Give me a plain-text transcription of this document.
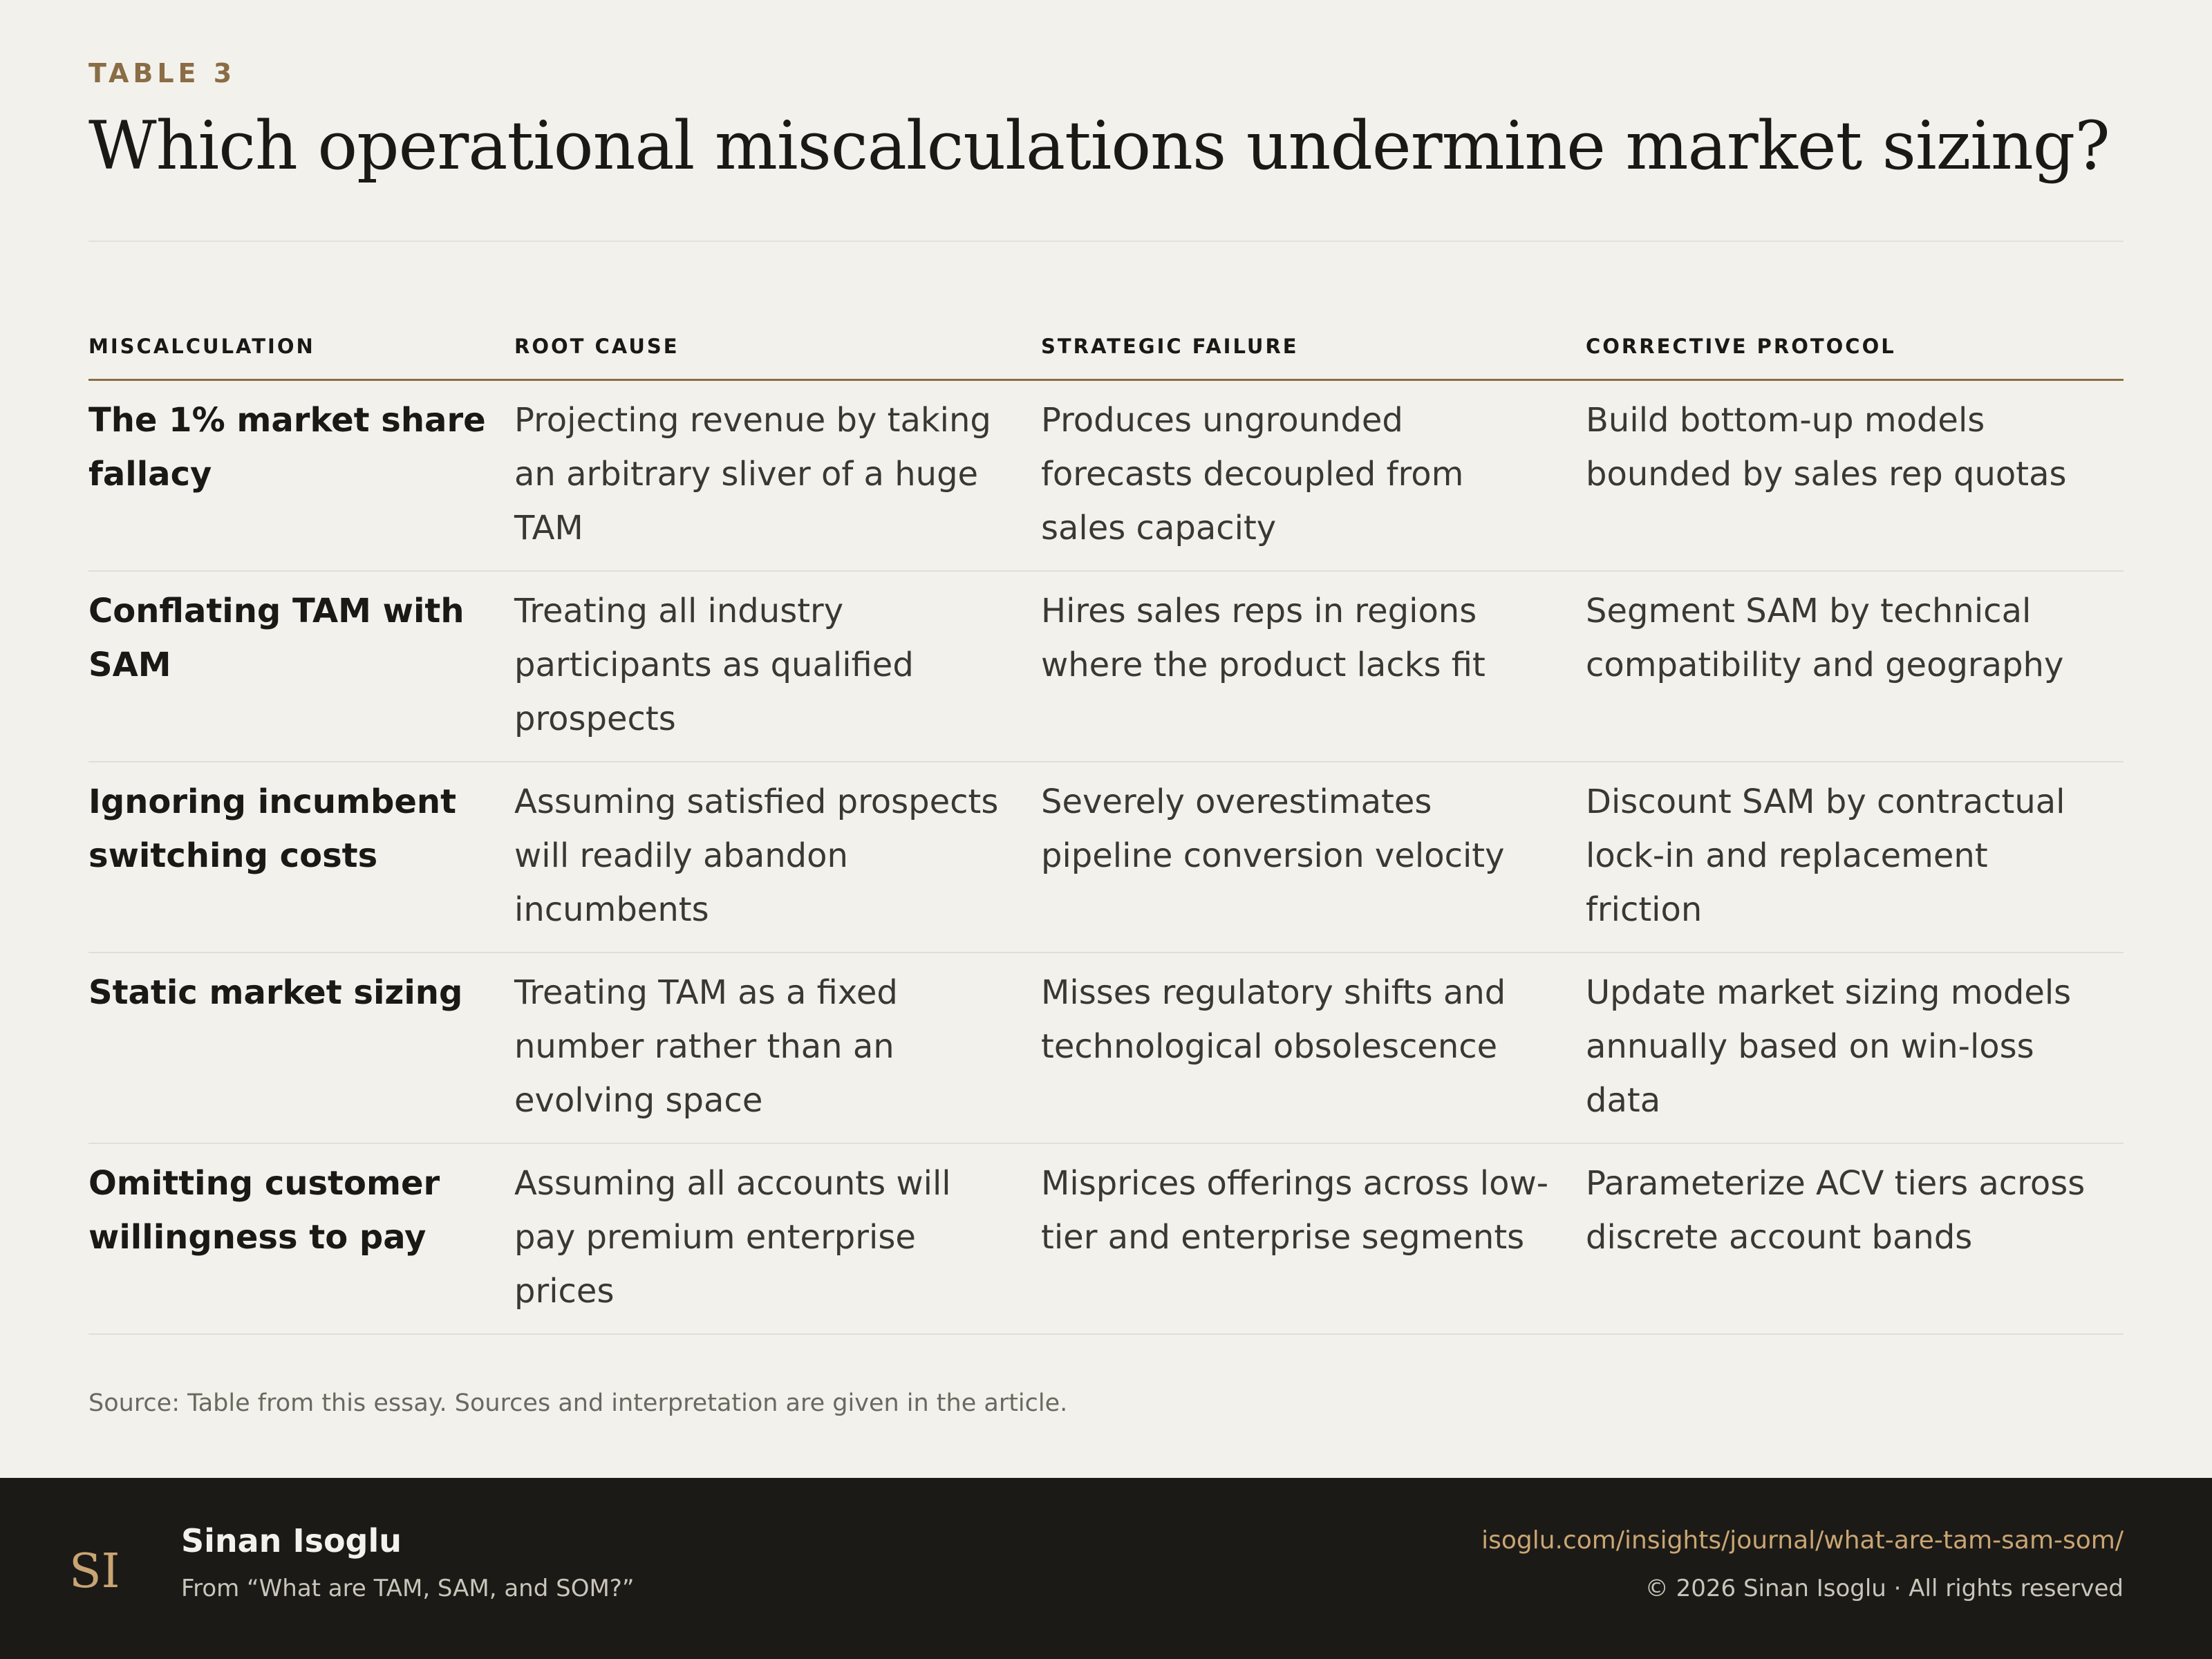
TABLE 3
Which operational miscalculations undermine market sizing?
MISCALCULATION	ROOT CAUSE	STRATEGIC FAILURE	CORRECTIVE PROTOCOL
The 1% market share fallacy	Projecting revenue by taking an arbitrary sliver of a huge TAM	Produces ungrounded forecasts decoupled from sales capacity	Build bottom-up models bounded by sales rep quotas
Conflating TAM with SAM	Treating all industry participants as qualified prospects	Hires sales reps in regions where the product lacks fit	Segment SAM by technical compatibility and geography
Ignoring incumbent switching costs	Assuming satisfied prospects will readily abandon incumbents	Severely overestimates pipeline conversion velocity	Discount SAM by contractual lock-in and replacement friction
Static market sizing	Treating TAM as a fixed number rather than an evolving space	Misses regulatory shifts and technological obsolescence	Update market sizing models annually based on win-loss data
Omitting customer willingness to pay	Assuming all accounts will pay premium enterprise prices	Misprices offerings across low-tier and enterprise segments	Parameterize ACV tiers across discrete account bands
Source: Table from this essay. Sources and interpretation are given in the article.
SI
Sinan Isoglu
From “What are TAM, SAM, and SOM?”
isoglu.com/insights/journal/what-are-tam-sam-som/
© 2026 Sinan Isoglu · All rights reserved
